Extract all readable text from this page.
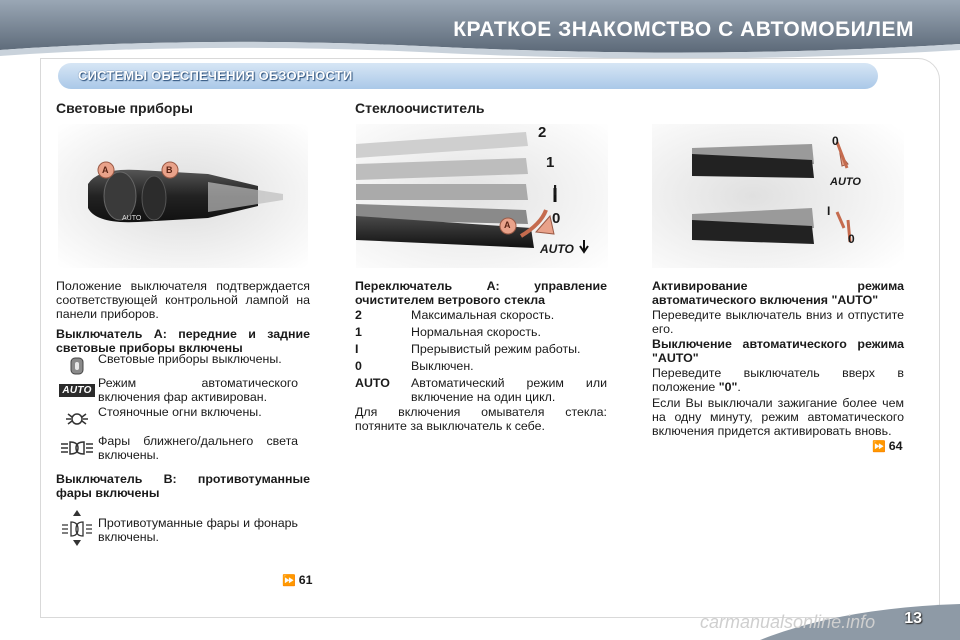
КРАТКОЕ ЗНАКОМСТВО С АВТОМОБИЛЕМ
СИСТЕМЫ ОБЕСПЕЧЕНИЯ ОБЗОРНОСТИ
Световые приборы
AUTO
A	B
Положение выключателя подтверждается соответствующей контрольной лампой на панели приборов.
Выключатель A: передние и задние световые приборы включены
Световые приборы выключены.
AUTO Режим автоматического включения фар активирован.
Стояночные огни включены.
Фары ближнего/дальнего света включены.
Выключатель B: противотуманные фары включены
Противотуманные фары и фонарь включены.
⏩ 61
Стеклоочиститель
2
1
I
0
AUTO
A
Переключатель A: управление очистителем ветрового стекла
2	Максимальная скорость.
1	Нормальная скорость.
I	Прерывистый режим работы.
0	Выключен.
AUTO	Автоматический режим или включение на один цикл.
Для включения омывателя стекла: потяните за выключатель к себе.
0
AUTO
I
0
Активирование режима автоматического включения "AUTO"
Переведите выключатель вниз и отпустите его.
Выключение автоматического режима "AUTO"
Переведите выключатель вверх в положение "0".
Если Вы выключали зажигание более чем на одну минуту, режим автоматического включения придется активировать вновь.
⏩ 64
carmanualsonline.info 13
